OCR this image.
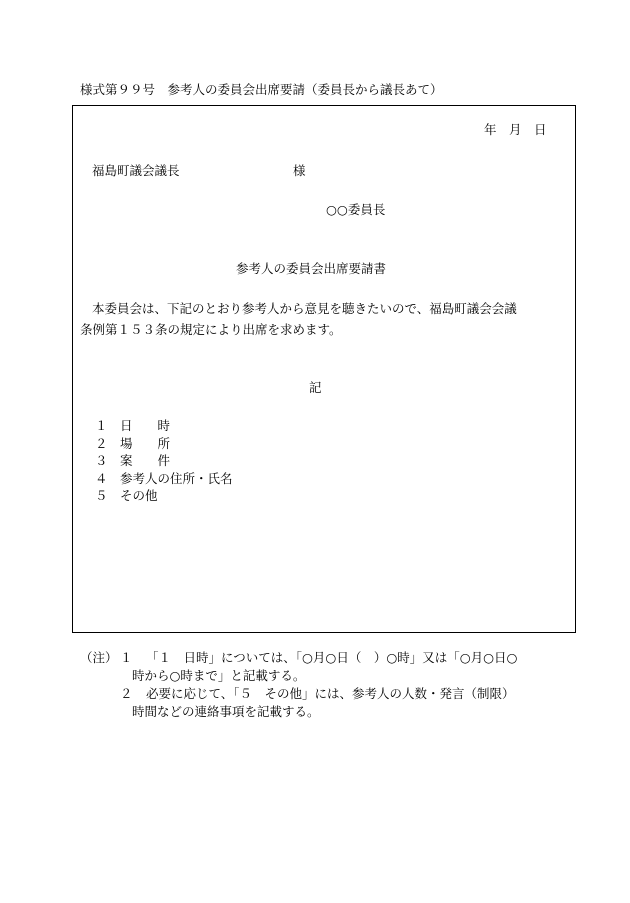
様式第９９号　参考人の委員会出席要請（委員長から議長あて）
年　月　日
福島町議会議長	様
○○委員長
参考人の委員会出席要請書
本委員会は、下記のとおり参考人から意見を聴きたいので、福島町議会会議
条例第１５３条の規定により出席を求めます。
記
１ 日　　時
２ 場　　所
３ 案　　件
４ 参考人の住所・氏名
５ その他
（注） １ 「１　日時」については、「○月○日（　）○時」又は「○月○日○
時から○時まで」と記載する。
２ 必要に応じて、「５　その他」には、参考人の人数・発言（制限）
時間などの連絡事項を記載する。
